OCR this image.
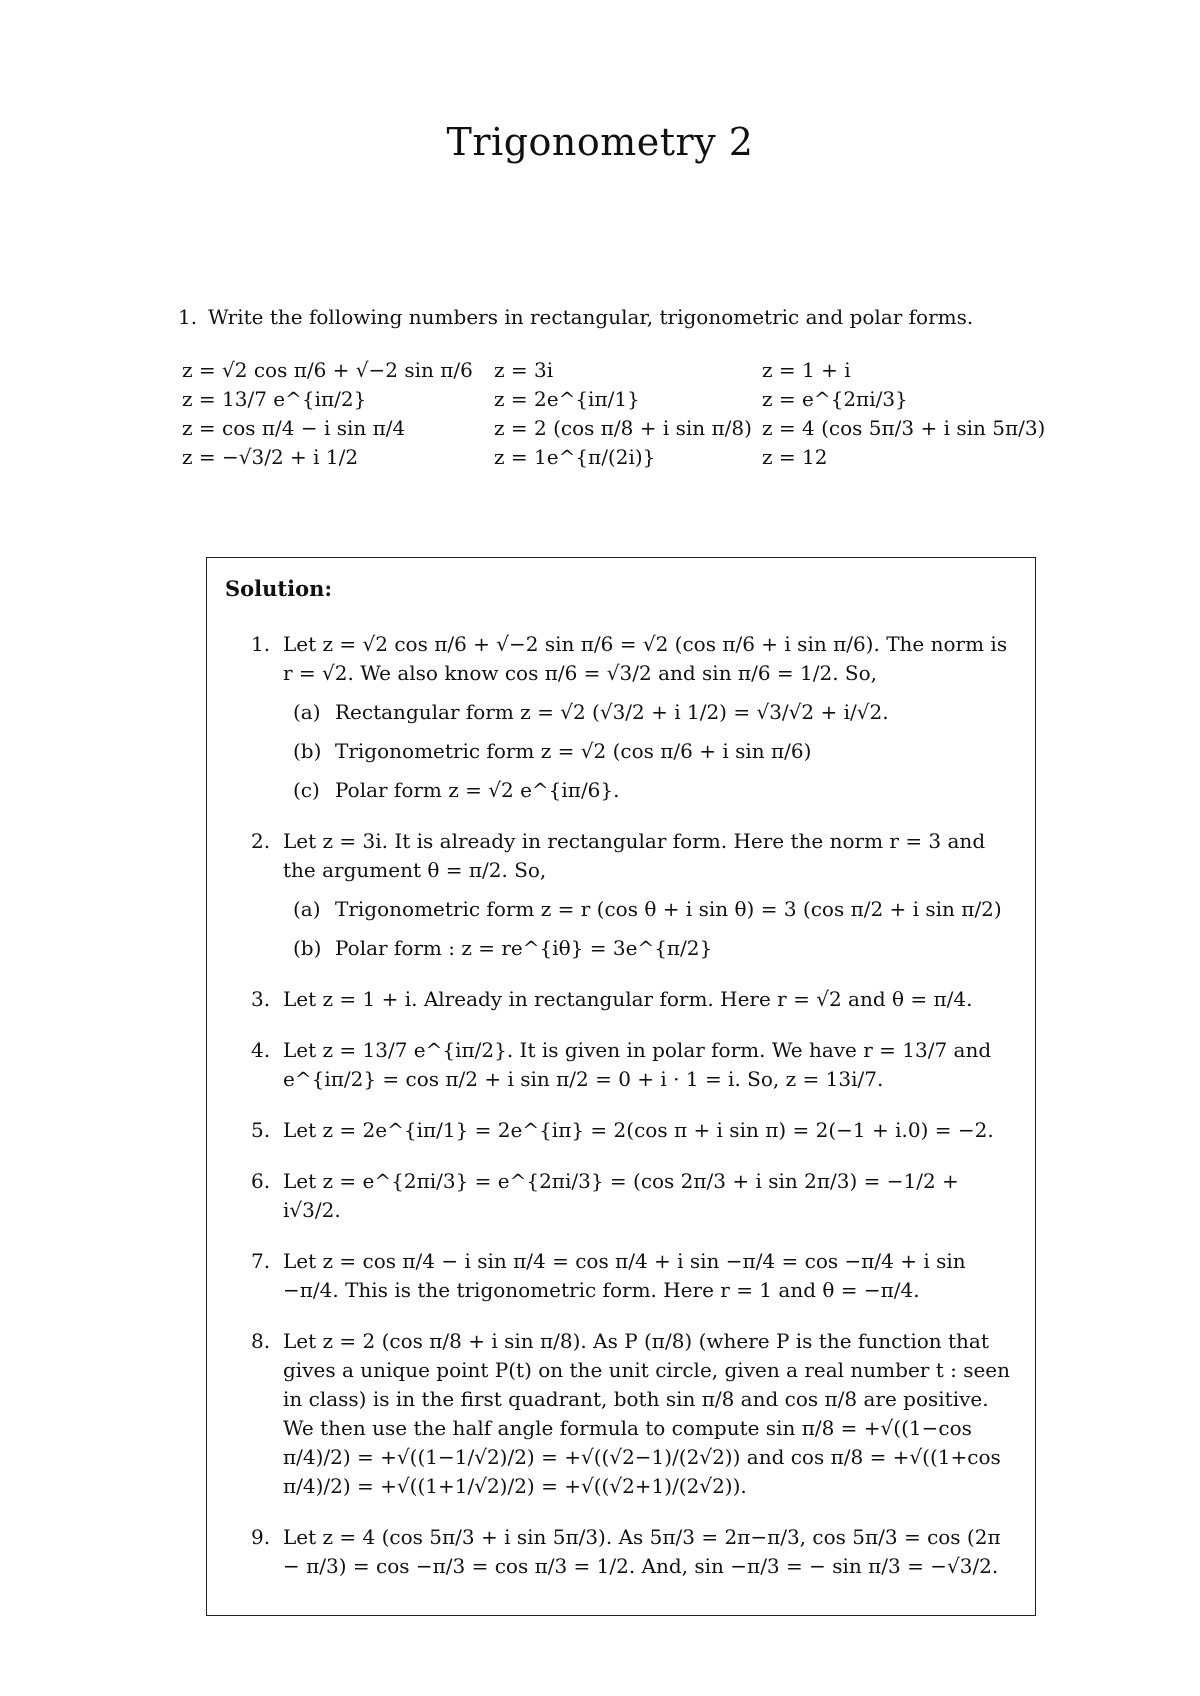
Trigonometry 2
1. Write the following numbers in rectangular, trigonometric and polar forms.
z = √2 cos π/6 + √−2 sin π/6	z = 3i	z = 1 + i
z = 13/7 e^{iπ/2}	z = 2e^{iπ/1}	z = e^{2πi/3}
z = cos π/4 − i sin π/4	z = 2 (cos π/8 + i sin π/8) z = 4 (cos 5π/3 + i sin 5π/3)
z = −√3/2 + i 1/2	z = 1e^{π/(2i)}	z = 12
Solution:
1. Let z = √2 cos π/6 + √−2 sin π/6 = √2 (cos π/6 + i sin π/6). The norm is r = √2. We also know cos π/6 = √3/2 and sin π/6 = 1/2. So,
(a) Rectangular form z = √2 (√3/2 + i 1/2) = √3/√2 + i/√2.
(b) Trigonometric form z = √2 (cos π/6 + i sin π/6)
(c) Polar form z = √2 e^{iπ/6}.
2. Let z = 3i. It is already in rectangular form. Here the norm r = 3 and the argument θ = π/2. So,
(a) Trigonometric form z = r (cos θ + i sin θ) = 3 (cos π/2 + i sin π/2)
(b) Polar form : z = re^{iθ} = 3e^{π/2}
3. Let z = 1 + i. Already in rectangular form. Here r = √2 and θ = π/4.
4. Let z = 13/7 e^{iπ/2}. It is given in polar form. We have r = 13/7 and e^{iπ/2} = cos π/2 + i sin π/2 = 0 + i · 1 = i. So, z = 13i/7.
5. Let z = 2e^{iπ/1} = 2e^{iπ} = 2(cos π + i sin π) = 2(−1 + i.0) = −2.
6. Let z = e^{2πi/3} = e^{2πi/3} = (cos 2π/3 + i sin 2π/3) = −1/2 + i√3/2.
7. Let z = cos π/4 − i sin π/4 = cos π/4 + i sin −π/4 = cos −π/4 + i sin −π/4. This is the trigonometric form. Here r = 1 and θ = −π/4.
8. Let z = 2 (cos π/8 + i sin π/8). As P (π/8) (where P is the function that gives a unique point P(t) on the unit circle, given a real number t : seen in class) is in the first quadrant, both sin π/8 and cos π/8 are positive. We then use the half angle formula to compute sin π/8 = +√((1−cos π/4)/2) = +√((1−1/√2)/2) = +√((√2−1)/(2√2)) and cos π/8 = +√((1+cos π/4)/2) = +√((1+1/√2)/2) = +√((√2+1)/(2√2)).
9. Let z = 4 (cos 5π/3 + i sin 5π/3). As 5π/3 = 2π−π/3, cos 5π/3 = cos (2π − π/3) = cos −π/3 = cos π/3 = 1/2. And, sin −π/3 = − sin π/3 = −√3/2.
